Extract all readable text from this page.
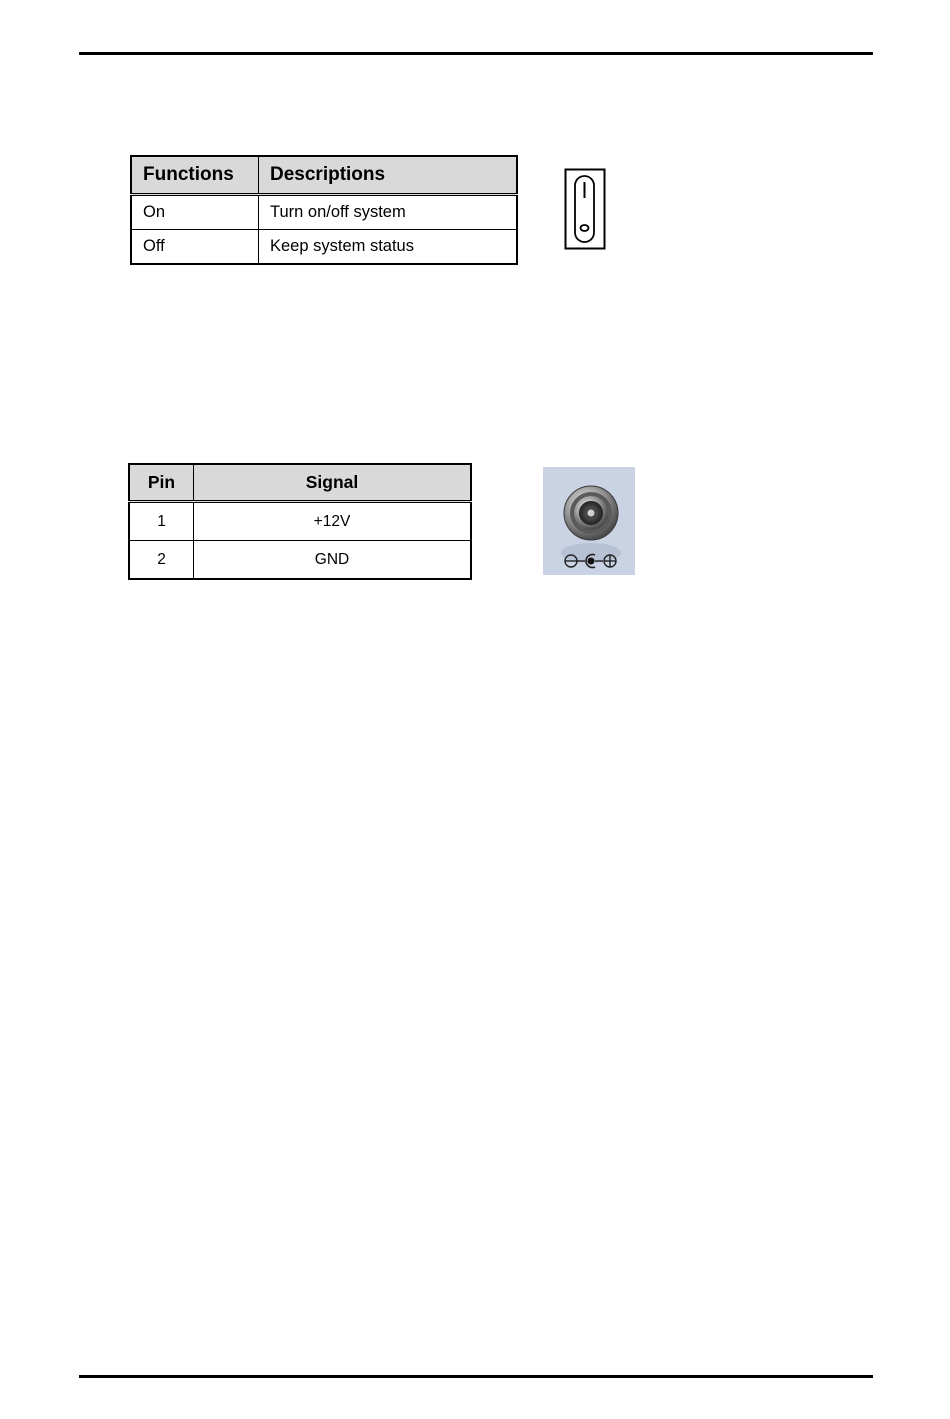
Functions	Descriptions
On	Turn on/off system
Off	Keep system status
Pin	Signal
1	+12V
2	GND
